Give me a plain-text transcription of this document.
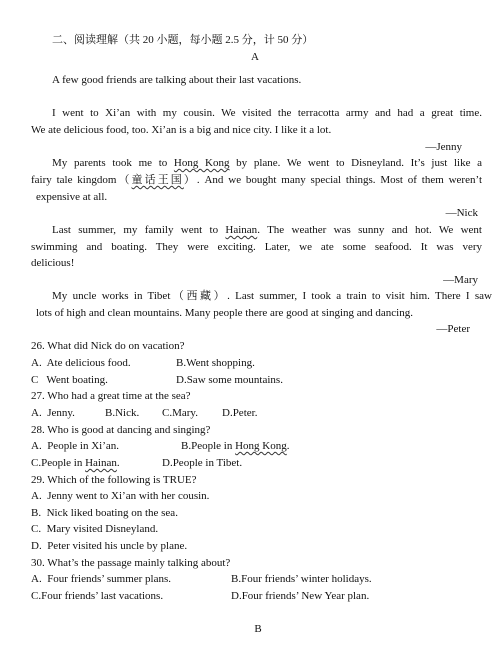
二、阅读理解（共 20 小题，每小题 2.5 分，计 50 分）
A
A few good friends are talking about their last vacations.
I went to Xi’an with my cousin. We visited the terracotta army and had a great time.
We ate delicious food, too. Xi’an is a big and nice city. I like it a lot.
—Jenny
My parents took me to Hong Kong by plane. We went to Disneyland. It’s just like a
fairy tale kingdom（童话王国）. And we bought many special things. Most of them weren’t
expensive at all.
—Nick
Last summer, my family went to Hainan. The weather was sunny and hot. We went
swimming and boating. They were exciting. Later, we ate some seafood. It was very
delicious!
—Mary
My uncle works in Tibet（西藏）. Last summer, I took a train to visit him. There I saw
lots of high and clean mountains. Many people there are good at singing and dancing.
—Peter
26. What did Nick do on vacation?
A.  Ate delicious food.	B.Went shopping.
C   Went boating.	D.Saw some mountains.
27. Who had a great time at the sea?
A.  Jenny.	B.Nick. C.Mary. D.Peter.
28. Who is good at dancing and singing?
A.  People in Xi’an.	B.People in Hong Kong.
C.People in Hainan.	D.People in Tibet.
29. Which of the following is TRUE?
A.  Jenny went to Xi’an with her cousin.
B.  Nick liked boating on the sea.
C.  Mary visited Disneyland.
D.  Peter visited his uncle by plane.
30. What’s the passage mainly talking about?
A.  Four friends’ summer plans.	B.Four friends’ winter holidays.
C.Four friends’ last vacations.	D.Four friends’ New Year plan.
B
